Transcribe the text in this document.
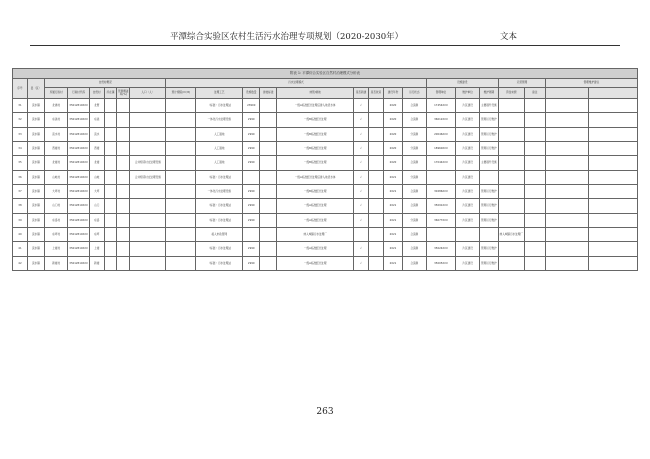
平潭综合实验区农村生活污水治理专项规划（2020-2030年）	文本
附表 1: 平潭综合实验区自然村治理模式分析表																							
序号	县（区）	自然村概况						污水处理模式									设施建设			运营管理		管理维护建议	
		所属行政村	行政村代码	自然村	所在镇	管网覆盖率(%)	人口（人）	预计规模(m³/d)	处理工艺	设施数量	排放标准	纳管/就地	是否新建	是否改造	建设年份	运行状态	管理单位	维护单位	维护周期	资金来源	备注		

31	流水镇	北港村	35012810XXX	北厝					（标准）污水处理站	23900		一级A标准经过处理后排入地表水体	√		2020	合流制	17454XXX	片区建设	主要提升设施				
32	流水镇	东美村	35012810XXX	东美					一体化污水处理设施	2990		一级B标准经过处理	√		2020	合流制	36012XXX	片区建设	管网运行维护				
33	流水镇	流水村	35012810XXX	流水					人工湿地	2990		一级B标准经过处理	√		2020	分流制	20046XXX	片区建设	管网运行维护				
34	流水镇	西楼村	35012810XXX	西楼					人工湿地	2990		一级B标准经过处理	√		2020	分流制	18960XXX	片区建设	管网运行维护				
35	流水镇	北楼村	35012810XXX	北楼			合并相邻村庄处理设施		人工湿地	2990		一级B标准经过处理	√		2020	合流制	17044XXX	片区建设	主要提升设施				
36	流水镇	山岐村	35012810XXX	山岐			合并相邻村庄处理设施		（标准）污水处理站			一级A标准经过处理后排入地表水体	√		2021	分流制		片区建设					
37	流水镇	大坪村	35012810XXX	大坪					一体化污水处理设施	2990		一级B标准经过处理	√		2021	合流制	30286XXX	片区建设	管网运行维护				
38	流水镇	山门村	35012810XXX	山门					（标准）污水处理站	2990		一级A标准经过处理	√		2021	合流制	35091XXX	片区建设	管网运行维护				
39	流水镇	东洛村	35012810XXX	东洛					（标准）污水处理站	2990		一级A标准经过处理	√		2021	分流制	36077XXX	片区建设	管网运行维护				
40	流水镇	东坪村	35012810XXX	东坪					接入市政管网			纳入城镇污水处理厂			2021	合流制				纳入城镇污水处理厂			
41	流水镇	上楼村	35012810XXX	上楼					（标准）污水处理站	2990		一级A标准经过处理	√		2021	合流制	35024XXX	片区建设	管网运行维护				
42	流水镇	新楼村	35012810XXX	新楼					（标准）污水处理站	2990		一级A标准经过处理	√		2021	合流制	35005XXX	片区建设	管网运行维护				
263
